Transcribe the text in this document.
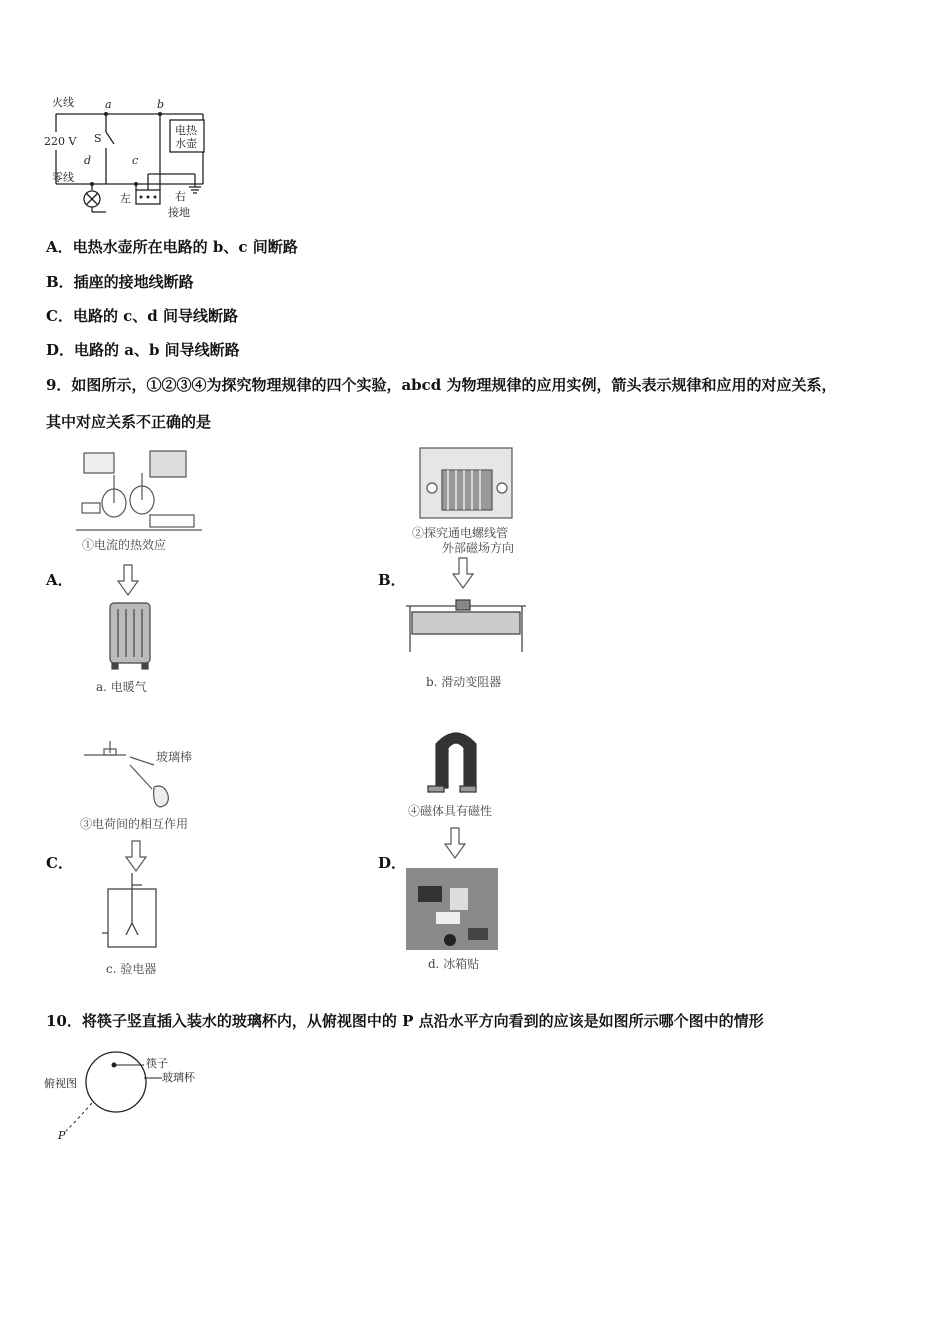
火线
220 V
零线
a	b
c
d
S
电热
水壶
左	右
接地
A．电热水壶所在电路的 b、c 间断路
B．插座的接地线断路
C．电路的 c、d 间导线断路
D．电路的 a、b 间导线断路
9．如图所示，①②③④为探究物理规律的四个实验，abcd 为物理规律的应用实例，箭头表示规律和应用的对应关系，
其中对应关系不正确的是
①电流的热效应
a. 电暖气
A．
②探究通电螺线管
外部磁场方向
b. 滑动变阻器
B．
玻璃棒
③电荷间的相互作用
c. 验电器
C．
④磁体具有磁性
d. 冰箱贴
D．
10．将筷子竖直插入装水的玻璃杯内，从俯视图中的 P 点沿水平方向看到的应该是如图所示哪个图中的情形
俯视图
筷子
玻璃杯
P
